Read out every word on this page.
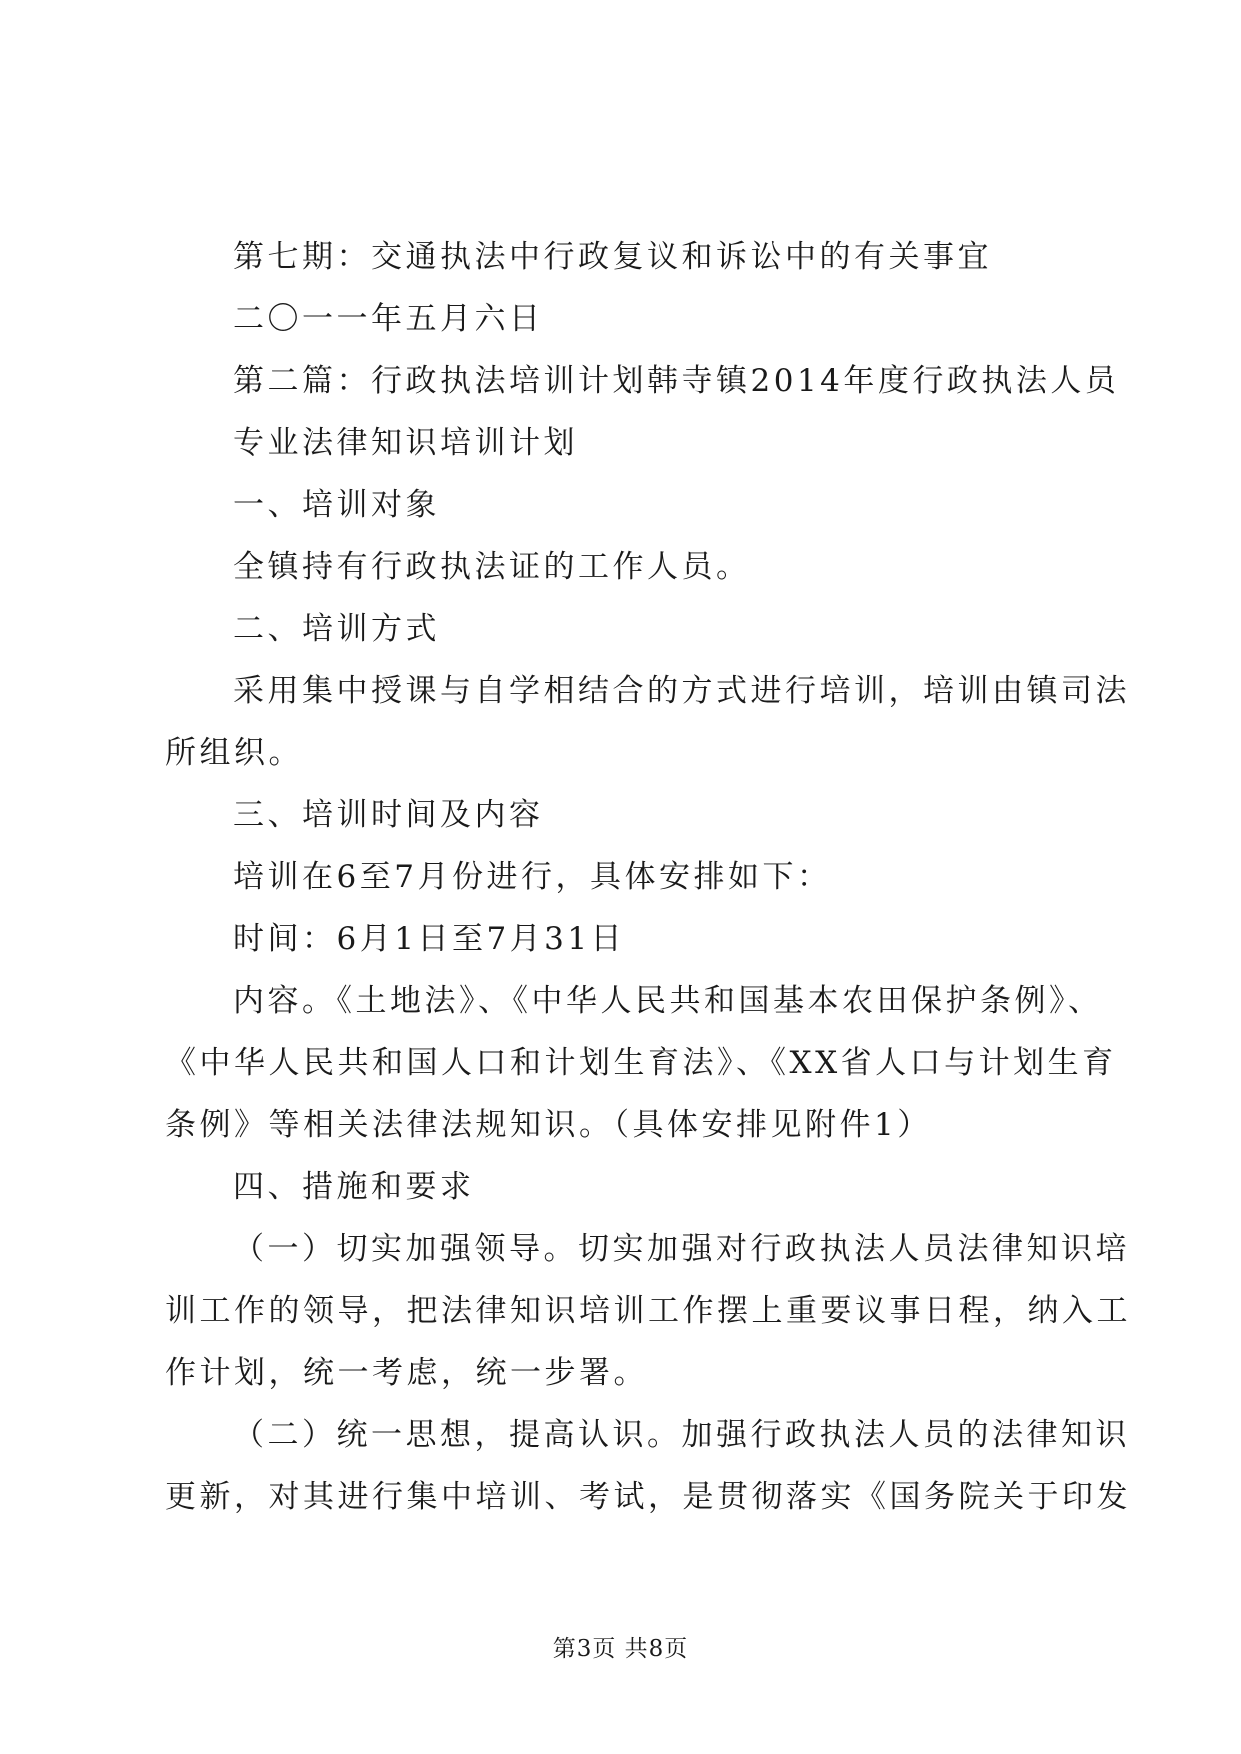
第七期：交通执法中行政复议和诉讼中的有关事宜
二〇一一年五月六日
第二篇：行政执法培训计划韩寺镇2014年度行政执法人员
专业法律知识培训计划
一、培训对象
全镇持有行政执法证的工作人员。
二、培训方式
采用集中授课与自学相结合的方式进行培训，培训由镇司法
所组织。
三、培训时间及内容
培训在6至7月份进行，具体安排如下：
时间：6月1日至7月31日
内容。《土地法》、《中华人民共和国基本农田保护条例》、
《中华人民共和国人口和计划生育法》、《XX省人口与计划生育
条例》等相关法律法规知识。（具体安排见附件1）
四、措施和要求
（一）切实加强领导。切实加强对行政执法人员法律知识培
训工作的领导，把法律知识培训工作摆上重要议事日程，纳入工
作计划，统一考虑，统一步署。
（二）统一思想，提高认识。加强行政执法人员的法律知识
更新，对其进行集中培训、考试，是贯彻落实《国务院关于印发
第3页 共8页
